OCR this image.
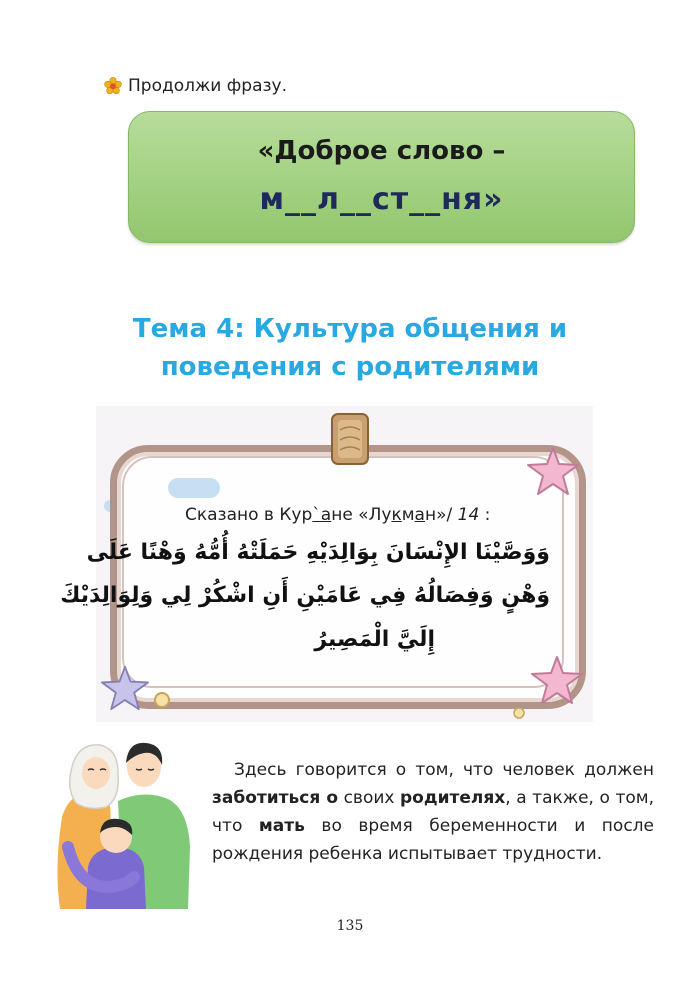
Продолжи фразу.
«Доброе слово –
м__л__ст__ня»
Тема 4: Культура общения и
поведения с родителями
Сказано в Кур`ане «Лукман»/ 14 :
وَوَصَّيْنَا الإِنْسَانَ بِوَالِدَيْهِ حَمَلَتْهُ أُمُّهُ وَهْنًا عَلَى
وَهْنٍ وَفِصَالُهُ فِي عَامَيْنِ أَنِ اشْكُرْ لِي وَلِوَالِدَيْكَ
إِلَيَّ الْمَصِيرُ

Здесь говорится о том, что человек должен заботиться о своих родителях, а также, о том, что мать во время беременности и после рождения ребенка испытывает трудности.

135
